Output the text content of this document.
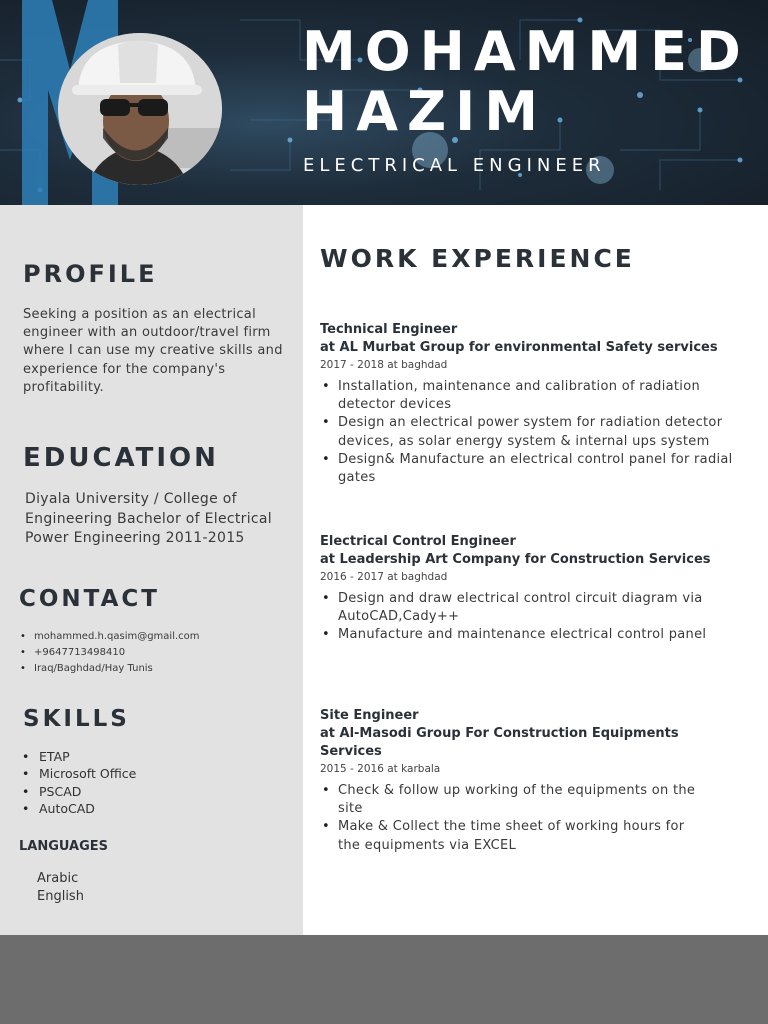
MOHAMMED
HAZIM
ELECTRICAL ENGINEER
PROFILE
Seeking a position as an electrical engineer with an outdoor/travel firm where I can use my creative skills and experience for the company's profitability.
EDUCATION
Diyala University / College of Engineering Bachelor of Electrical Power Engineering 2011-2015
CONTACT
• mohammed.h.qasim@gmail.com
• +9647713498410
• Iraq/Baghdad/Hay Tunis
SKILLS
• ETAP
• Microsoft Office
• PSCAD
• AutoCAD
LANGUAGES
Arabic
English
WORK EXPERIENCE
Technical Engineer
at AL Murbat Group for environmental Safety services
2017 - 2018 at baghdad
• Installation, maintenance and calibration of radiation detector devices
• Design an electrical power system for radiation detector devices, as solar energy system & internal ups system
• Design& Manufacture an electrical control panel for radial gates
Electrical Control Engineer
at Leadership Art Company for Construction Services
2016 - 2017 at baghdad
• Design and draw electrical control circuit diagram via AutoCAD,Cady++
• Manufacture and maintenance electrical control panel
Site Engineer
at Al-Masodi Group For Construction Equipments Services
2015 - 2016 at karbala
• Check & follow up working of the equipments on the site
• Make & Collect the time sheet of working hours for the equipments via EXCEL
